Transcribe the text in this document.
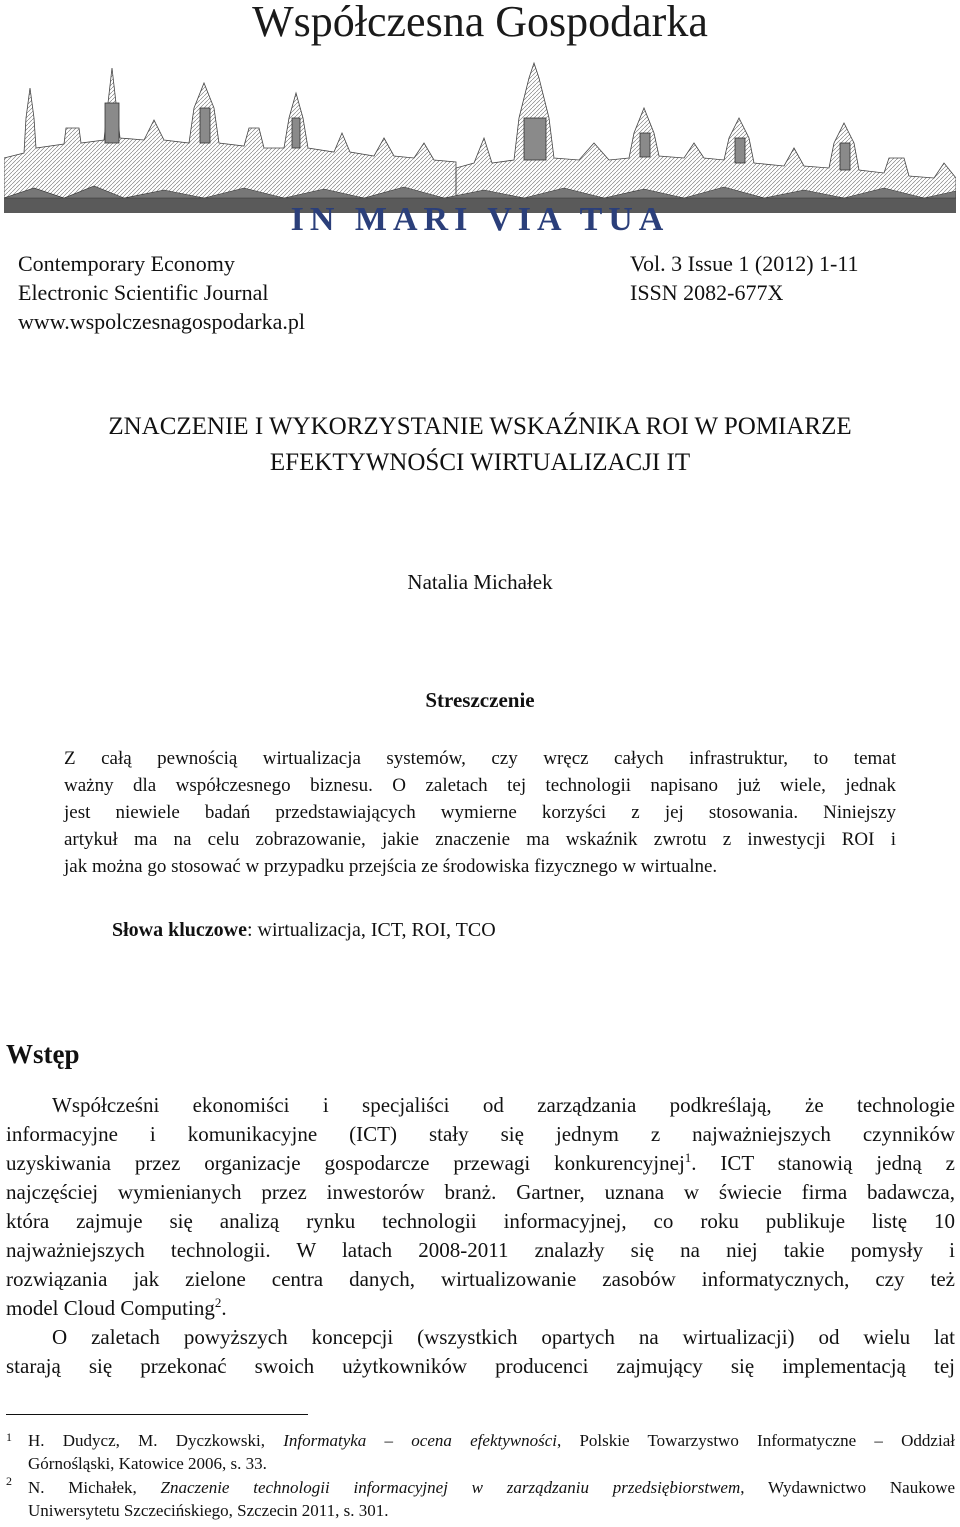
Współczesna Gospodarka
IN MARI VIA TUA
Contemporary Economy
Electronic Scientific Journal
www.wspolczesnagospodarka.pl
Vol. 3 Issue 1 (2012) 1-11
ISSN 2082-677X
ZNACZENIE I WYKORZYSTANIE WSKAŹNIKA ROI W POMIARZE
EFEKTYWNOŚCI WIRTUALIZACJI IT
Natalia Michałek
Streszczenie
Z całą pewnością wirtualizacja systemów, czy wręcz całych infrastruktur, to temat
ważny dla współczesnego biznesu. O zaletach tej technologii napisano już wiele, jednak
jest niewiele badań przedstawiających wymierne korzyści z jej stosowania. Niniejszy
artykuł ma na celu zobrazowanie, jakie znaczenie ma wskaźnik zwrotu z inwestycji ROI i
jak można go stosować w przypadku przejścia ze środowiska fizycznego w wirtualne.
Słowa kluczowe: wirtualizacja, ICT, ROI, TCO
Wstęp
Współcześni ekonomiści i specjaliści od zarządzania podkreślają, że technologie
informacyjne i komunikacyjne (ICT) stały się jednym z najważniejszych czynników
uzyskiwania przez organizacje gospodarcze przewagi konkurencyjnej$^1$. ICT stanowią jedną z
najczęściej wymienianych przez inwestorów branż. Gartner, uznana w świecie firma badawcza,
która zajmuje się analizą rynku technologii informacyjnej, co roku publikuje listę 10
najważniejszych technologii. W latach 2008-2011 znalazły się na niej takie pomysły i
rozwiązania jak zielone centra danych, wirtualizowanie zasobów informatycznych, czy też
model Cloud Computing$^2$.
O zaletach powyższych koncepcji (wszystkich opartych na wirtualizacji) od wielu lat
starają się przekonać swoich użytkowników producenci zajmujący się implementacją tej
1 H. Dudycz, M. Dyczkowski, Informatyka – ocena efektywności, Polskie Towarzystwo Informatyczne – Oddział
Górnośląski, Katowice 2006, s. 33.
2 N. Michałek, Znaczenie technologii informacyjnej w zarządzaniu przedsiębiorstwem, Wydawnictwo Naukowe
Uniwersytetu Szczecińskiego, Szczecin 2011, s. 301.
